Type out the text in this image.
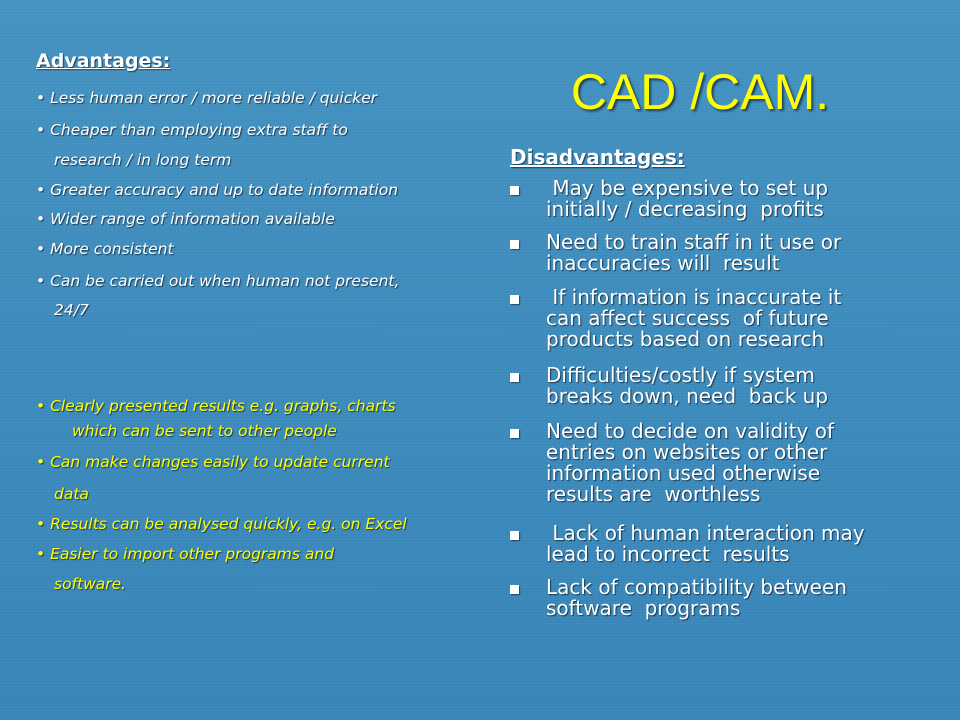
CAD /CAM.
Advantages:
• Less human error / more reliable / quicker
• Cheaper than employing extra staff to
research / in long term
• Greater accuracy and up to date information
• Wider range of information available
• More consistent
• Can be carried out when human not present,
24/7
• Clearly presented results e.g. graphs, charts
which can be sent to other people
• Can make changes easily to update current
data
• Results can be analysed quickly, e.g. on Excel
• Easier to import other programs and
software.
Disadvantages:
May be expensive to set up
initially / decreasing  profits
Need to train staff in it use or
inaccuracies will  result
If information is inaccurate it
can affect success  of future
products based on research
Difficulties/costly if system
breaks down, need  back up
Need to decide on validity of
entries on websites or other
information used otherwise
results are  worthless
Lack of human interaction may
lead to incorrect  results
Lack of compatibility between
software  programs
